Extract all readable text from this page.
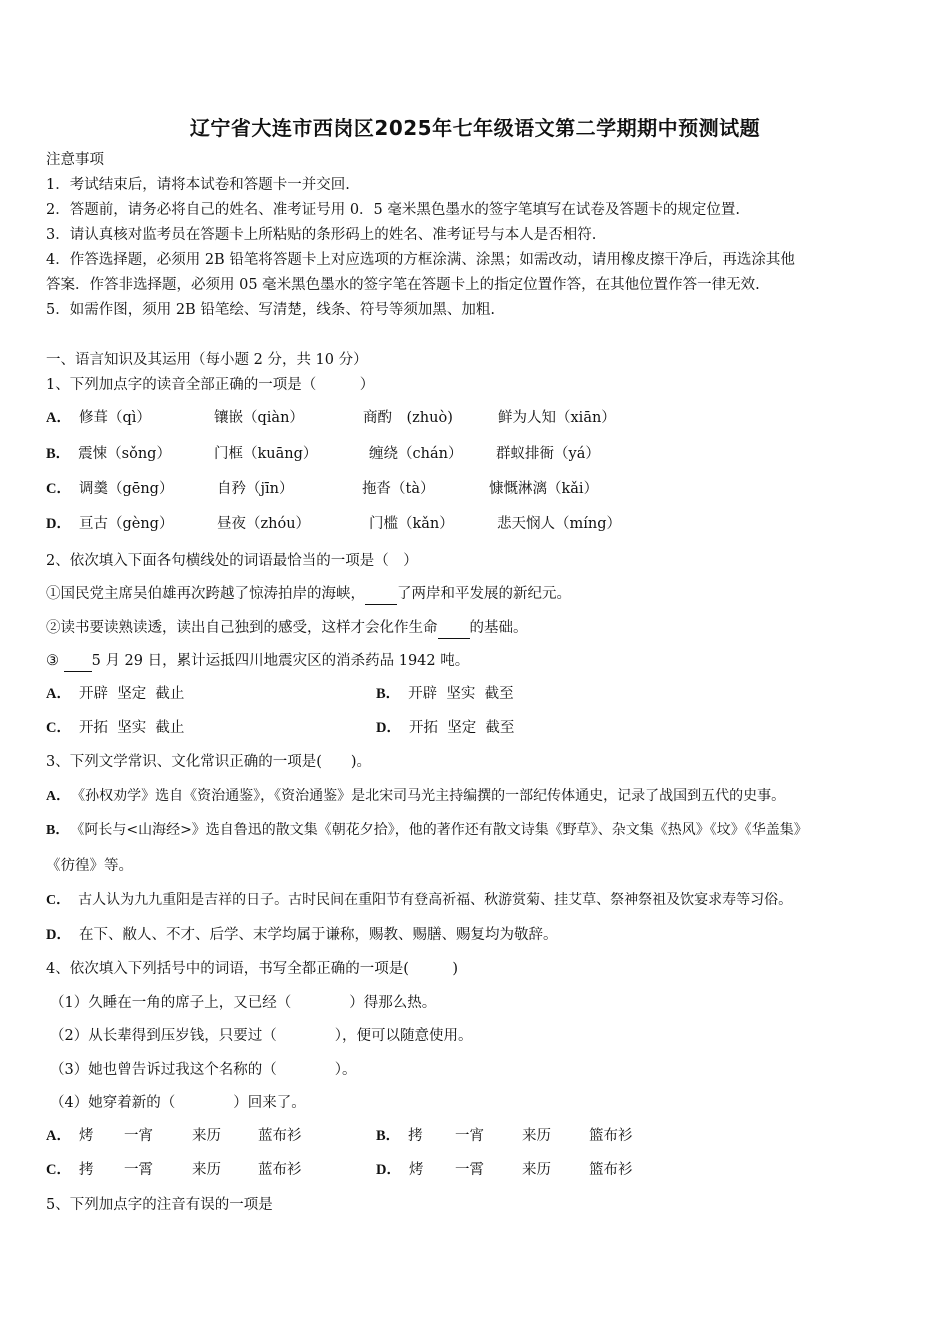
辽宁省大连市西岗区2025年七年级语文第二学期期中预测试题
注意事项
1．考试结束后，请将本试卷和答题卡一并交回.
2．答题前，请务必将自己的姓名、准考证号用 0．5 毫米黑色墨水的签字笔填写在试卷及答题卡的规定位置.
3．请认真核对监考员在答题卡上所粘贴的条形码上的姓名、准考证号与本人是否相符.
4．作答选择题，必须用 2B 铅笔将答题卡上对应选项的方框涂满、涂黑；如需改动，请用橡皮擦干净后，再选涂其他
答案．作答非选择题，必须用 05 毫米黑色墨水的签字笔在答题卡上的指定位置作答，在其他位置作答一律无效.
5．如需作图，须用 2B 铅笔绘、写清楚，线条、符号等须加黑、加粗.
一、语言知识及其运用（每小题 2 分，共 10 分）
1、下列加点字的读音全部正确的一项是（　　　）
A． 修葺（qì）	镶嵌（qiàn）	商酌　(zhuò)	鲜为人知（xiān）
B． 震悚（sǒng）	门框（kuāng）	缠绕（chán） 群蚁排衙（yá）
C． 调羹（gēng）	自矜（jīn）	拖沓（tà）	慷慨淋漓（kǎi）
D． 亘古（gèng）	昼夜（zhóu）	门槛（kǎn）	悲天悯人（míng）
2、依次填入下面各句横线处的词语最恰当的一项是（　）
①国民党主席吴伯雄再次跨越了惊涛拍岸的海峡， 了两岸和平发展的新纪元。
②读书要读熟读透，读出自己独到的感受，这样才会化作生命 的基础。
③  5 月 29 日，累计运抵四川地震灾区的消杀药品 1942 吨。
A． 开辟  坚定  截止	B． 开辟  坚实  截至
C． 开拓  坚实  截止	D． 开拓  坚定  截至
3、下列文学常识、文化常识正确的一项是(　　)。
A． 《孙权劝学》选自《资治通鉴》，《资治通鉴》是北宋司马光主持编撰的一部纪传体通史，记录了战国到五代的史事。
B． 《阿长与<山海经>》选自鲁迅的散文集《朝花夕拾》，他的著作还有散文诗集《野草》、杂文集《热风》《坟》《华盖集》
《彷徨》等。
C． 古人认为九九重阳是吉祥的日子。古时民间在重阳节有登高祈福、秋游赏菊、挂艾草、祭神祭祖及饮宴求寿等习俗。
D． 在下、敝人、不才、后学、末学均属于谦称，赐教、赐膳、赐复均为敬辞。
4、依次填入下列括号中的词语，书写全都正确的一项是(　　　)
（1）久睡在一角的席子上，又已经（　　　　）得那么热。
（2）从长辈得到压岁钱，只要过（　　　　），便可以随意使用。
（3）她也曾告诉过我这个名称的（　　　　）。
（4）她穿着新的（　　　　）回来了。
A． 烤 一宵	来历	蓝布衫	B． 拷 一宵	来历	篮布衫
C． 拷 一霄	来历	蓝布衫	D． 烤 一霄	来历	篮布衫
5、下列加点字的注音有误的一项是
